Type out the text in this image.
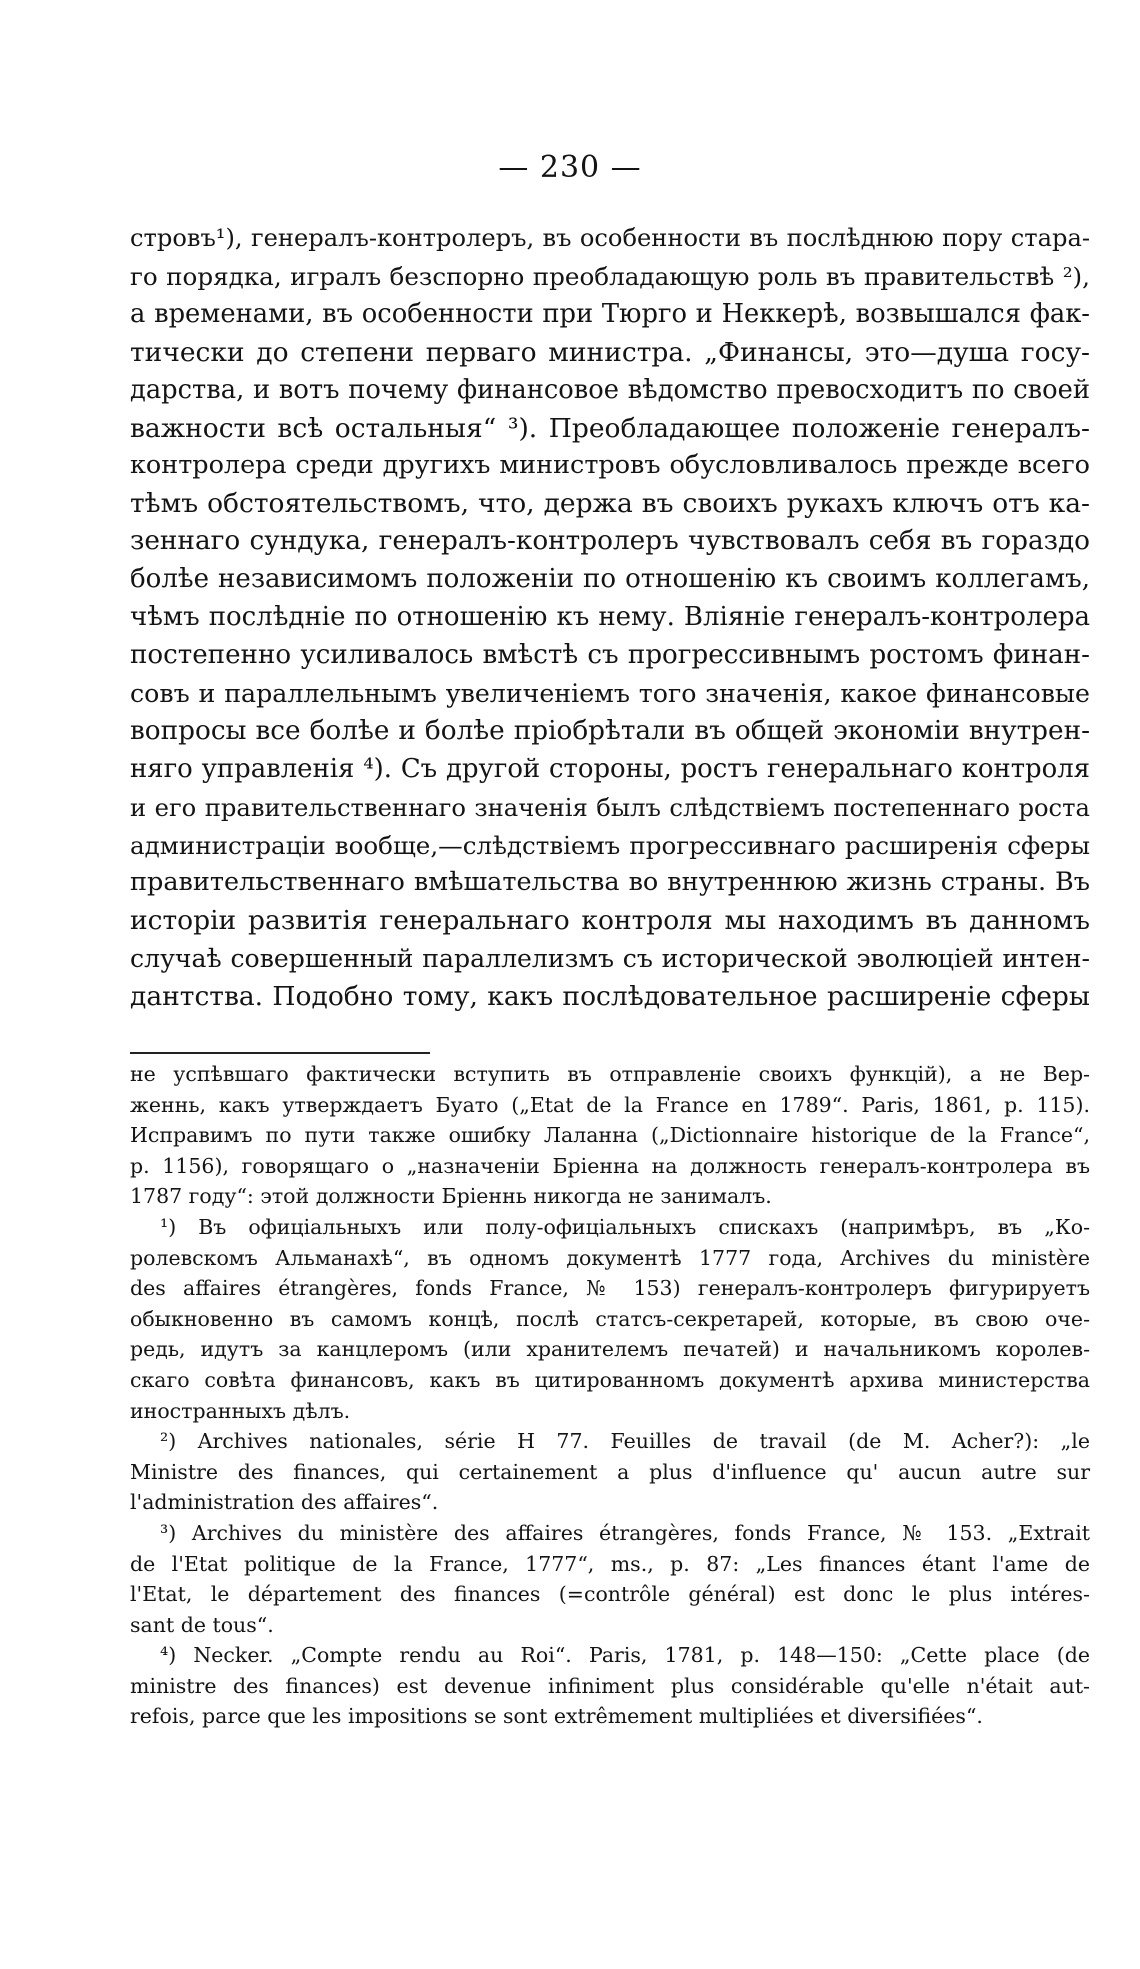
— 230 —
стровъ¹), генералъ-контролеръ, въ особенности въ послѣднюю пору стара-
го порядка, игралъ безспорно преобладающую роль въ правительствѣ ²),
а временами, въ особенности при Тюрго и Неккерѣ, возвышался фак-
тически до степени перваго министра. „Финансы, это—душа госу-
дарства, и вотъ почему финансовое вѣдомство превосходитъ по своей
важности всѣ остальныя“ ³). Преобладающее положеніе генералъ-
контролера среди другихъ министровъ обусловливалось прежде всего
тѣмъ обстоятельствомъ, что, держа въ своихъ рукахъ ключъ отъ ка-
зеннаго сундука, генералъ-контролеръ чувствовалъ себя въ гораздо
болѣе независимомъ положеніи по отношенію къ своимъ коллегамъ,
чѣмъ послѣдніе по отношенію къ нему. Вліяніе генералъ-контролера
постепенно усиливалось вмѣстѣ съ прогрессивнымъ ростомъ финан-
совъ и параллельнымъ увеличеніемъ того значенія, какое финансовые
вопросы все болѣе и болѣе пріобрѣтали въ общей экономіи внутрен-
няго управленія ⁴). Съ другой стороны, ростъ генеральнаго контроля
и его правительственнаго значенія былъ слѣдствіемъ постепеннаго роста
администраціи вообще,—слѣдствіемъ прогрессивнаго расширенія сферы
правительственнаго вмѣшательства во внутреннюю жизнь страны. Въ
исторіи развитія генеральнаго контроля мы находимъ въ данномъ
случаѣ совершенный параллелизмъ съ исторической эволюціей интен-
дантства. Подобно тому, какъ послѣдовательное расширеніе сферы
не успѣвшаго фактически вступить въ отправленіе своихъ функцій), а не Вер-
женнь, какъ утверждаетъ Буато („Etat de la France en 1789“. Paris, 1861, p. 115).
Исправимъ по пути также ошибку Лаланна („Dictionnaire historique de la France“,
p. 1156), говорящаго о „назначеніи Бріенна на должность генералъ-контролера въ
1787 году“: этой должности Бріеннь никогда не занималъ.
¹) Въ офиціальныхъ или полу-офиціальныхъ спискахъ (напримѣръ, въ „Ко-
ролевскомъ Альманахѣ“, въ одномъ документѣ 1777 года, Archives du ministère
des affaires étrangères, fonds France, № 153) генералъ-контролеръ фигурируетъ
обыкновенно въ самомъ концѣ, послѣ статсъ-секретарей, которые, въ свою оче-
редь, идутъ за канцлеромъ (или хранителемъ печатей) и начальникомъ королев-
скаго совѣта финансовъ, какъ въ цитированномъ документѣ архива министерства
иностранныхъ дѣлъ.
²) Archives nationales, série H 77. Feuilles de travail (de M. Acher?): „le
Ministre des finances, qui certainement a plus d'influence qu' aucun autre sur
l'administration des affaires“.
³) Archives du ministère des affaires étrangères, fonds France, № 153. „Extrait
de l'Etat politique de la France, 1777“, ms., p. 87: „Les finances étant l'ame de
l'Etat, le département des finances (=contrôle général) est donc le plus intéres-
sant de tous“.
⁴) Necker. „Compte rendu au Roi“. Paris, 1781, p. 148—150: „Cette place (de
ministre des finances) est devenue infiniment plus considérable qu'elle n'était aut-
refois, parce que les impositions se sont extrêmement multipliées et diversifiées“.
